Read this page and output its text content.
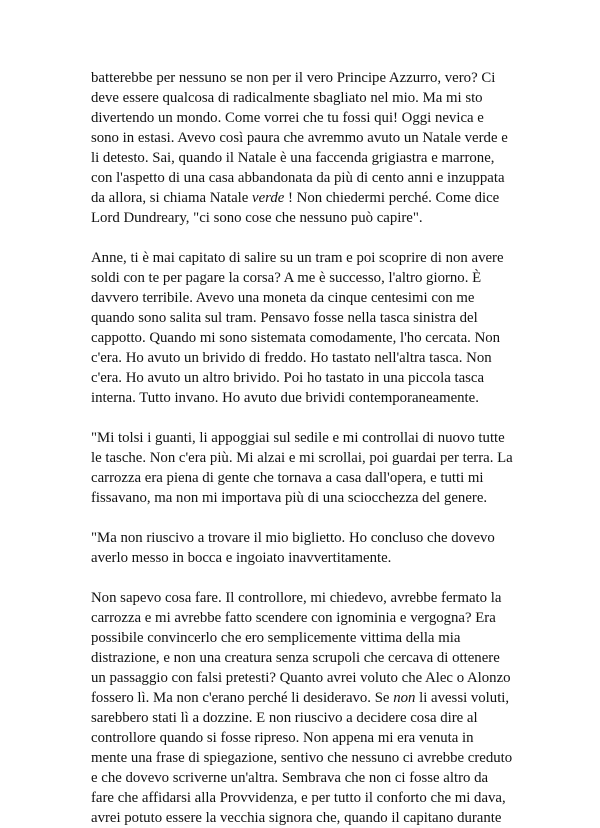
batterebbe per nessuno se non per il vero Principe Azzurro, vero? Ci
deve essere qualcosa di radicalmente sbagliato nel mio. Ma mi sto
divertendo un mondo. Come vorrei che tu fossi qui! Oggi nevica e
sono in estasi. Avevo così paura che avremmo avuto un Natale verde e
li detesto. Sai, quando il Natale è una faccenda grigiastra e marrone,
con l'aspetto di una casa abbandonata da più di cento anni e inzuppata
da allora, si chiama Natale verde ! Non chiedermi perché. Come dice
Lord Dundreary, "ci sono cose che nessuno può capire".

Anne, ti è mai capitato di salire su un tram e poi scoprire di non avere
soldi con te per pagare la corsa? A me è successo, l'altro giorno. È
davvero terribile. Avevo una moneta da cinque centesimi con me
quando sono salita sul tram. Pensavo fosse nella tasca sinistra del
cappotto. Quando mi sono sistemata comodamente, l'ho cercata. Non
c'era. Ho avuto un brivido di freddo. Ho tastato nell'altra tasca. Non
c'era. Ho avuto un altro brivido. Poi ho tastato in una piccola tasca
interna. Tutto invano. Ho avuto due brividi contemporaneamente.

"Mi tolsi i guanti, li appoggiai sul sedile e mi controllai di nuovo tutte
le tasche. Non c'era più. Mi alzai e mi scrollai, poi guardai per terra. La
carrozza era piena di gente che tornava a casa dall'opera, e tutti mi
fissavano, ma non mi importava più di una sciocchezza del genere.

"Ma non riuscivo a trovare il mio biglietto. Ho concluso che dovevo
averlo messo in bocca e ingoiato inavvertitamente.

Non sapevo cosa fare. Il controllore, mi chiedevo, avrebbe fermato la
carrozza e mi avrebbe fatto scendere con ignominia e vergogna? Era
possibile convincerlo che ero semplicemente vittima della mia
distrazione, e non una creatura senza scrupoli che cercava di ottenere
un passaggio con falsi pretesti? Quanto avrei voluto che Alec o Alonzo
fossero lì. Ma non c'erano perché li desideravo. Se non li avessi voluti,
sarebbero stati lì a dozzine. E non riuscivo a decidere cosa dire al
controllore quando si fosse ripreso. Non appena mi era venuta in
mente una frase di spiegazione, sentivo che nessuno ci avrebbe creduto
e che dovevo scriverne un'altra. Sembrava che non ci fosse altro da
fare che affidarsi alla Provvidenza, e per tutto il conforto che mi dava,
avrei potuto essere la vecchia signora che, quando il capitano durante
